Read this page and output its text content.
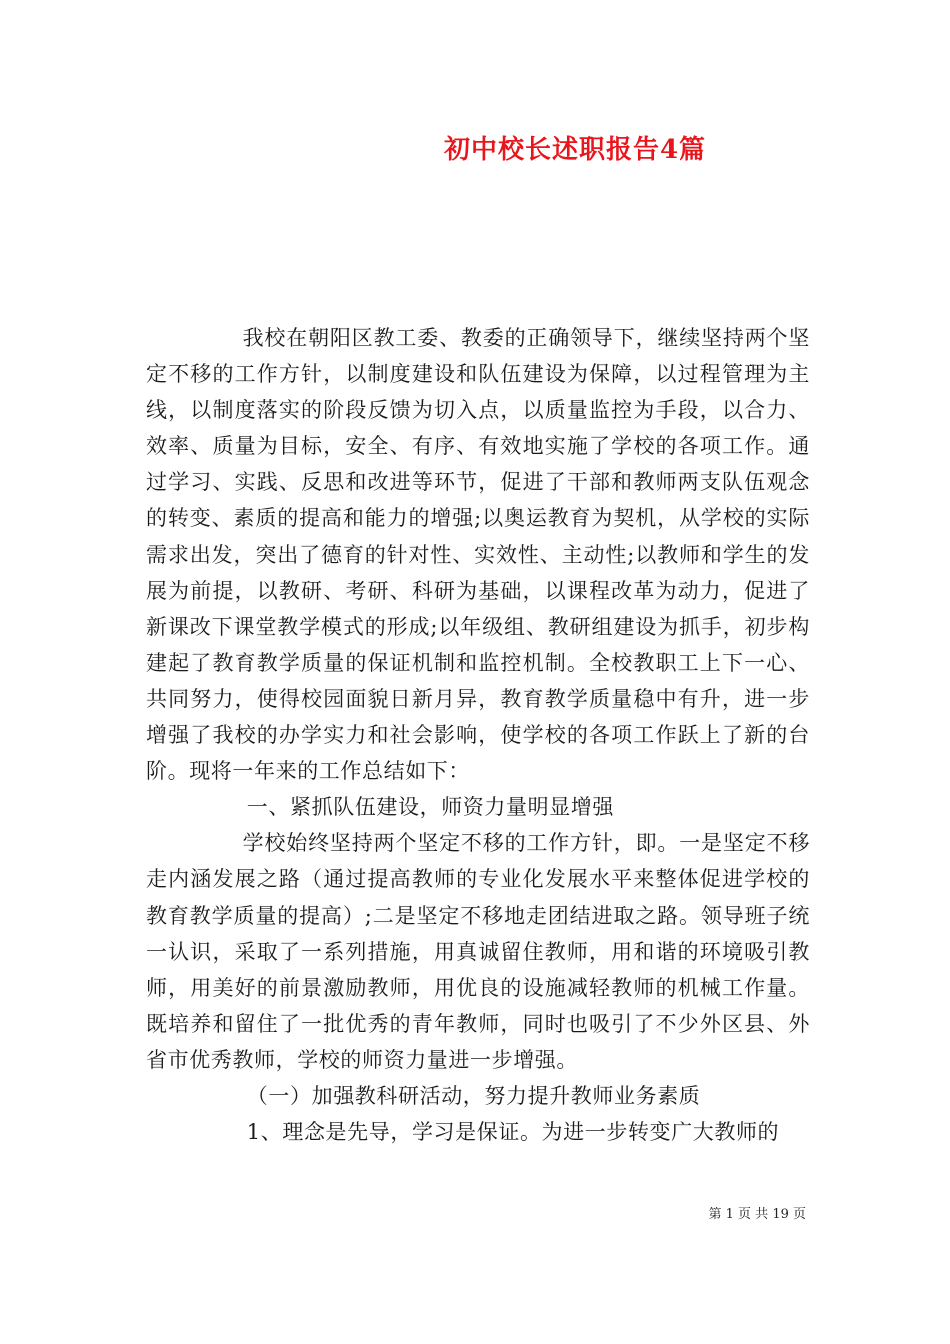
初中校长述职报告4篇

我校在朝阳区教工委、教委的正确领导下，继续坚持两个坚定不移的工作方针，以制度建设和队伍建设为保障，以过程管理为主线，以制度落实的阶段反馈为切入点，以质量监控为手段，以合力、效率、质量为目标，安全、有序、有效地实施了学校的各项工作。通过学习、实践、反思和改进等环节，促进了干部和教师两支队伍观念的转变、素质的提高和能力的增强;以奥运教育为契机，从学校的实际需求出发，突出了德育的针对性、实效性、主动性;以教师和学生的发展为前提，以教研、考研、科研为基础，以课程改革为动力，促进了新课改下课堂教学模式的形成;以年级组、教研组建设为抓手，初步构建起了教育教学质量的保证机制和监控机制。全校教职工上下一心、共同努力，使得校园面貌日新月异，教育教学质量稳中有升，进一步增强了我校的办学实力和社会影响，使学校的各项工作跃上了新的台阶。现将一年来的工作总结如下：

一、紧抓队伍建设，师资力量明显增强

学校始终坚持两个坚定不移的工作方针，即。一是坚定不移走内涵发展之路（通过提高教师的专业化发展水平来整体促进学校的教育教学质量的提高）;二是坚定不移地走团结进取之路。领导班子统一认识，采取了一系列措施，用真诚留住教师，用和谐的环境吸引教师，用美好的前景激励教师，用优良的设施减轻教师的机械工作量。既培养和留住了一批优秀的青年教师，同时也吸引了不少外区县、外省市优秀教师，学校的师资力量进一步增强。

（一）加强教科研活动，努力提升教师业务素质

1、理念是先导，学习是保证。为进一步转变广大教师的

第 1 页 共 19 页
